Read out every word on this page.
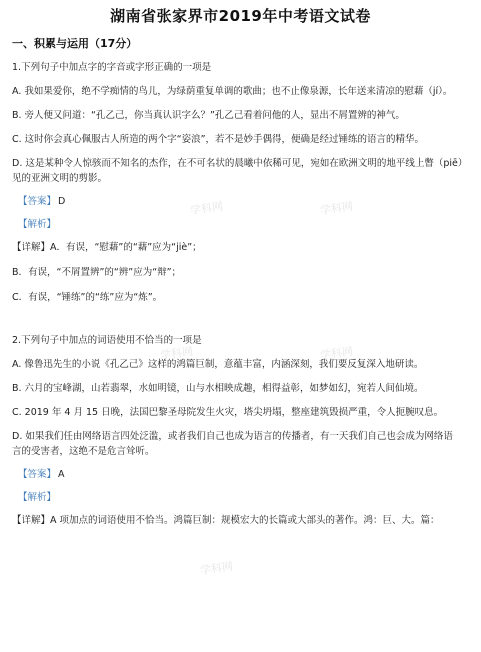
湖南省张家界市2019年中考语文试卷
一、积累与运用（17分）
1.下列句子中加点字的字音或字形正确的一项是
A. 我如果爱你，绝不学痴情的鸟儿，为绿荫重复单调的歌曲；也不止像泉源，长年送来清凉的慰藉（jí）。
B. 旁人便又问道：“孔乙己，你当真认识字么？”孔乙己看着问他的人，显出不屑置辨的神气。
C. 这时你会真心佩服古人所造的两个字“姿浪”，若不是妙手偶得，便确是经过锤练的语言的精华。
D. 这是某种令人惊骇而不知名的杰作，在不可名状的晨曦中依稀可见，宛如在欧洲文明的地平线上瞥（piē）
见的亚洲文明的剪影。
【答案】 D
【解析】
【详解】A．有误，“慰藉”的“藉”应为“jiè”；
B．有误，“不屑置辨”的“辨”应为“辩”；
C．有误，“锤练”的“练”应为“炼”。
2.下列句子中加点的词语使用不恰当的一项是
A. 像鲁迅先生的小说《孔乙己》这样的鸿篇巨制，意蕴丰富，内涵深刻，我们要反复深入地研读。
B. 六月的宝峰湖，山若翡翠，水如明镜，山与水相映成趣，相得益彰，如梦如幻，宛若人间仙境。
C. 2019 年 4 月 15 日晚，法国巴黎圣母院发生火灾，塔尖坍塌，整座建筑毁损严重，令人扼腕叹息。
D. 如果我们任由网络语言四处泛滥，或者我们自己也成为语言的传播者，有一天我们自己也会成为网络语
言的受害者，这绝不是危言耸听。
【答案】 A
【解析】
【详解】A 项加点的词语使用不恰当。鸿篇巨制：规模宏大的长篇或大部头的著作。鸿：巨、大。篇：
学科网	学科网
学科网	学科网
学科网
